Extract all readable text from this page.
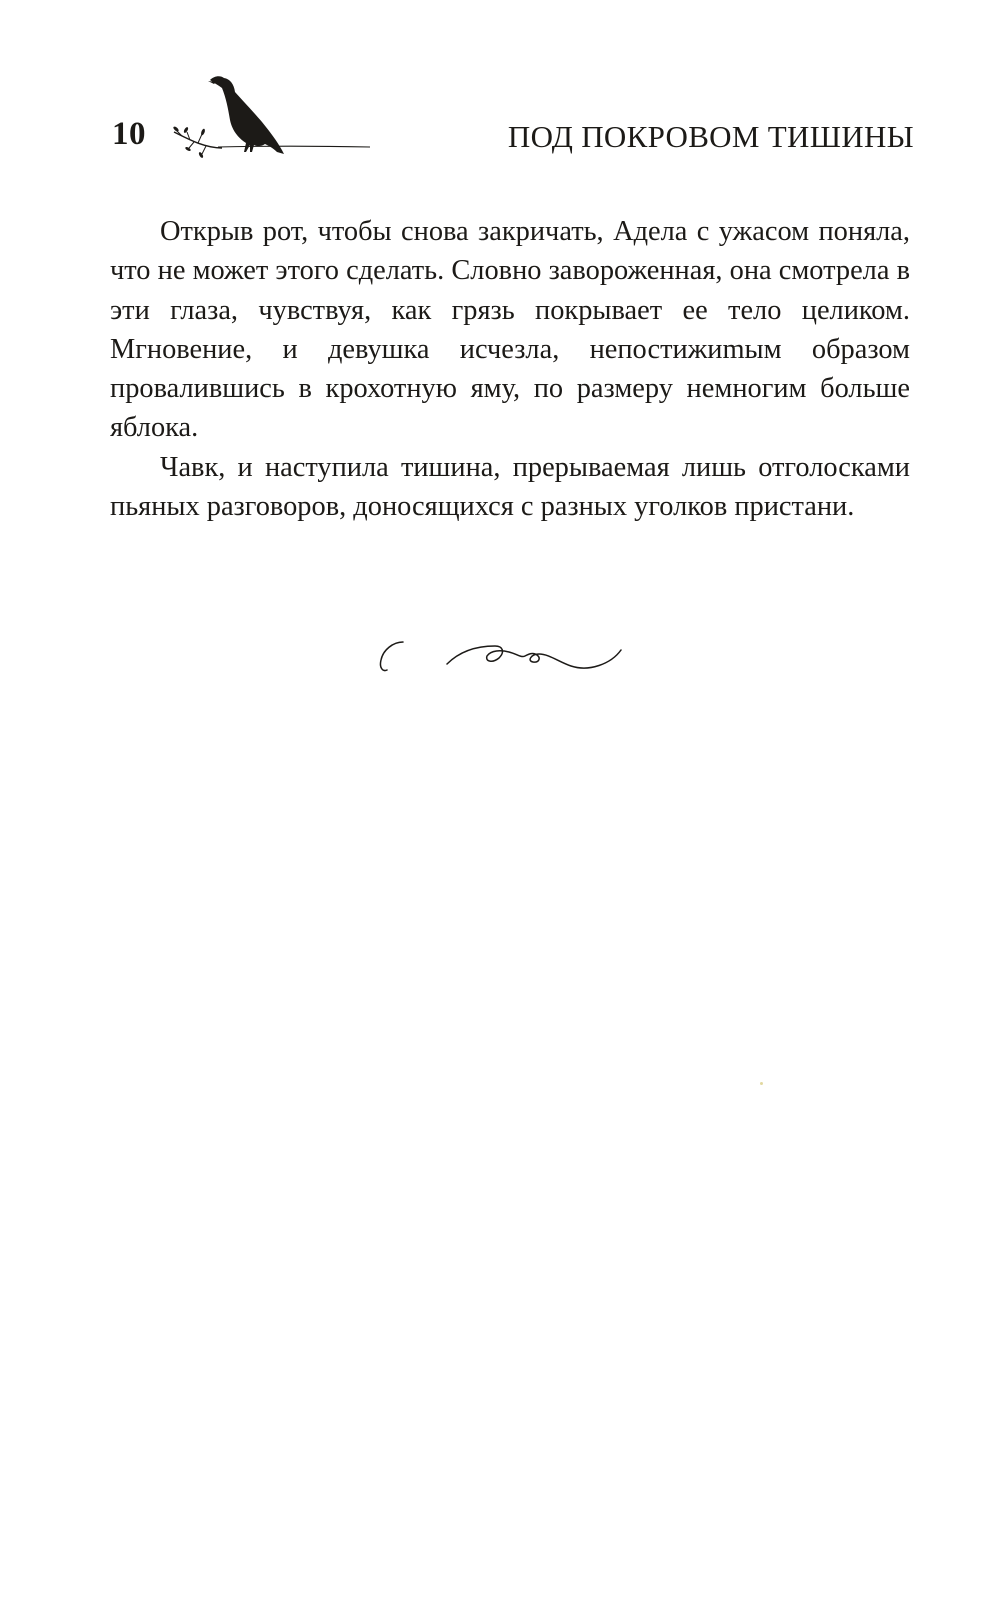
10	ПОД ПОКРОВОМ ТИШИНЫ

Открыв рот, чтобы снова закричать, Адела с ужасом поняла, что не может этого сделать. Словно завороженная, она смотрела в эти глаза, чувствуя, как грязь покрывает ее тело целиком. Мгновение, и девушка исчезла, непостижиmым образом провалившись в крохотную яму, по размеру немногим больше яблока.

Чавк, и наступила тишина, прерываемая лишь отголосками пьяных разговоров, доносящихся с разных уголков пристани.
